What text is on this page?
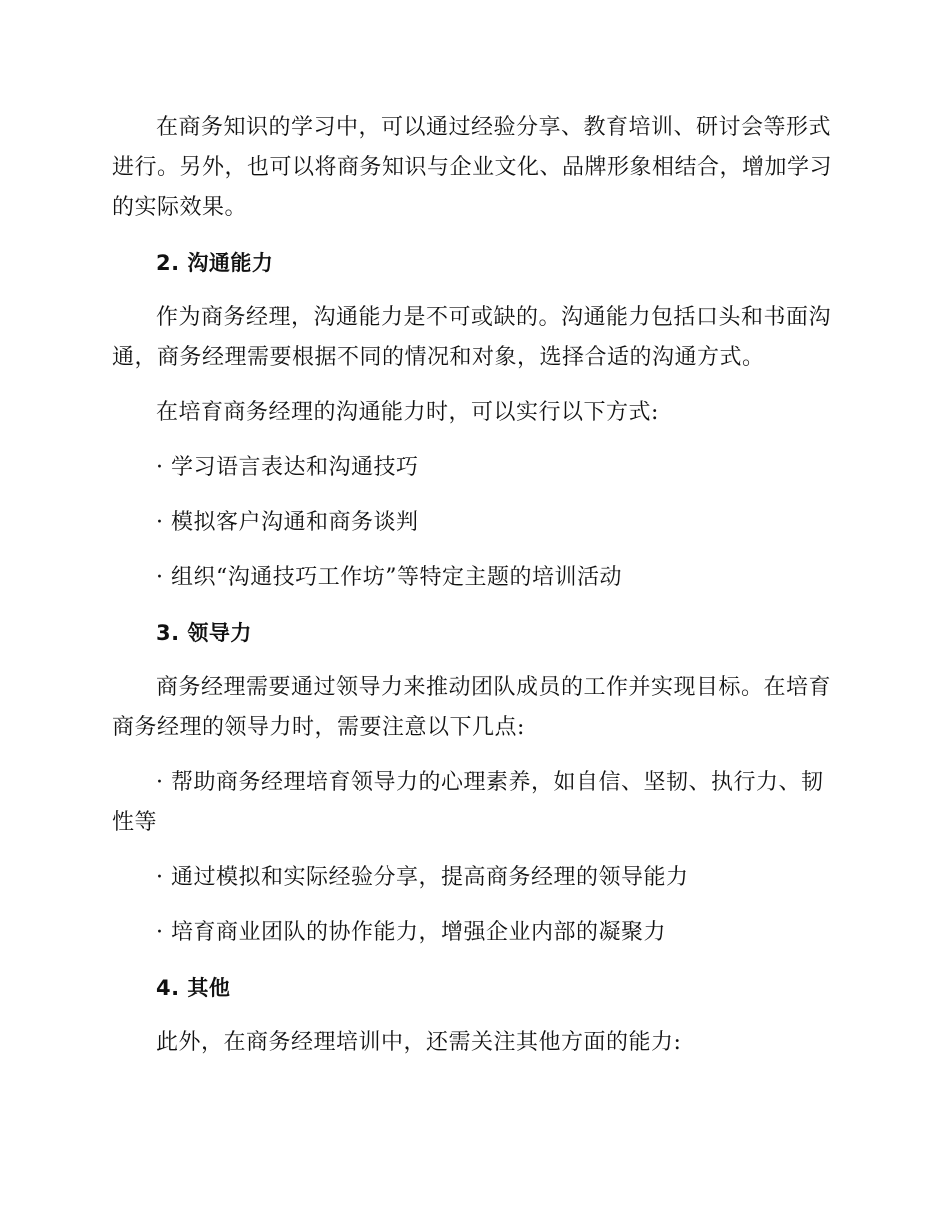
在商务知识的学习中，可以通过经验分享、教育培训、研讨会等形式进行。另外，也可以将商务知识与企业文化、品牌形象相结合，增加学习的实际效果。

2. 沟通能力

作为商务经理，沟通能力是不可或缺的。沟通能力包括口头和书面沟通，商务经理需要根据不同的情况和对象，选择合适的沟通方式。

在培育商务经理的沟通能力时，可以实行以下方式:

· 学习语言表达和沟通技巧

· 模拟客户沟通和商务谈判

· 组织“沟通技巧工作坊”等特定主题的培训活动

3. 领导力

商务经理需要通过领导力来推动团队成员的工作并实现目标。在培育商务经理的领导力时，需要注意以下几点:

· 帮助商务经理培育领导力的心理素养，如自信、坚韧、执行力、韧性等

· 通过模拟和实际经验分享，提高商务经理的领导能力

· 培育商业团队的协作能力，增强企业内部的凝聚力

4. 其他

此外，在商务经理培训中，还需关注其他方面的能力:
